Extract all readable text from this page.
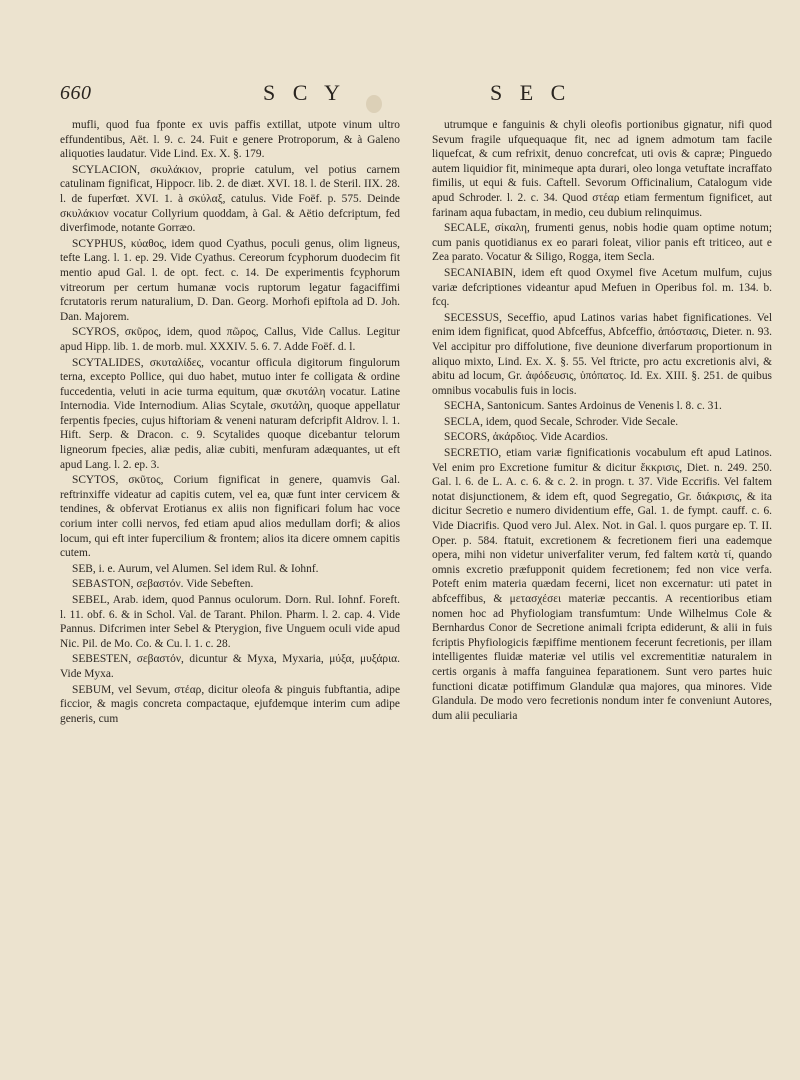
660	S C Y	S E C

mufli, quod fua fponte ex uvis paffis extillat, utpote vinum ultro effundentibus, Aët. l. 9. c. 24. Fuit e genere Protroporum, & à Galeno aliquoties laudatur. Vide Lind. Ex. X. §. 179.

SCYLACION, σκυλάκιον, proprie catulum, vel potius carnem catulinam fignificat, Hippocr. lib. 2. de diæt. XVI. 18. l. de Steril. IIX. 28. l. de fuperfœt. XVI. 1. à σκύλαξ, catulus. Vide Foëf. p. 575. Deinde σκυλάκιον vocatur Collyrium quoddam, à Gal. & Aëtio defcriptum, fed diverfimode, notante Gorræo.

SCYPHUS, κύαθος, idem quod Cyathus, poculi genus, olim ligneus, tefte Lang. l. 1. ep. 29. Vide Cyathus. Cereorum fcyphorum duodecim fit mentio apud Gal. l. de opt. fect. c. 14. De experimentis fcyphorum vitreorum per certum humanæ vocis ruptorum legatur fagaciffimi fcrutatoris rerum naturalium, D. Dan. Georg. Morhofi epiftola ad D. Joh. Dan. Majorem.

SCYROS, σκῦρος, idem, quod πῶρος, Callus, Vide Callus. Legitur apud Hipp. lib. 1. de morb. mul. XXXIV. 5. 6. 7. Adde Foëf. d. l.

SCYTALIDES, σκυταλίδες, vocantur officula digitorum fingulorum terna, excepto Pollice, qui duo habet, mutuo inter fe colligata & ordine fuccedentia, veluti in acie turma equitum, quæ σκυτάλη vocatur. Latine Internodia. Vide Internodium. Alias Scytale, σκυτάλη, quoque appellatur ferpentis fpecies, cujus hiftoriam & veneni naturam defcripfit Aldrov. l. 1. Hift. Serp. & Dracon. c. 9. Scytalides quoque dicebantur telorum ligneorum fpecies, aliæ pedis, aliæ cubiti, menfuram adæquantes, ut eft apud Lang. l. 2. ep. 3.

SCYTOS, σκῦτος, Corium fignificat in genere, quamvis Gal. reftrinxiffe videatur ad capitis cutem, vel ea, quæ funt inter cervicem & tendines, & obfervat Erotianus ex aliis non fignificari folum hac voce corium inter colli nervos, fed etiam apud alios medullam dorfi; & alios locum, qui eft inter fupercilium & frontem; alios ita dicere omnem capitis cutem.

SEB, i. e. Aurum, vel Alumen. Sel idem Rul. & Iohnf.

SEBASTON, σεβαστόν. Vide Sebeften.

SEBEL, Arab. idem, quod Pannus oculorum. Dorn. Rul. Iohnf. Foreft. l. 11. obf. 6. & in Schol. Val. de Tarant. Philon. Pharm. l. 2. cap. 4. Vide Pannus. Difcrimen inter Sebel & Pterygion, five Unguem oculi vide apud Nic. Pil. de Mo. Co. & Cu. l. 1. c. 28.

SEBESTEN, σεβαστόν, dicuntur & Myxa, Myxaria, μύξα, μυξάρια. Vide Myxa.

SEBUM, vel Sevum, στέαρ, dicitur oleofa & pinguis fubftantia, adipe ficcior, & magis concreta compactaque, ejufdemque interim cum adipe generis, cum

utrumque e fanguinis & chyli oleofis portionibus gignatur, nifi quod Sevum fragile ufquequaque fit, nec ad ignem admotum tam facile liquefcat, & cum refrixit, denuo concrefcat, uti ovis & capræ; Pinguedo autem liquidior fit, minimeque apta durari, oleo longa vetuftate incraffato fimilis, ut equi & fuis. Caftell. Sevorum Officinalium, Catalogum vide apud Schroder. l. 2. c. 34. Quod στέαρ etiam fermentum fignificet, aut farinam aqua fubactam, in medio, ceu dubium relinquimus.

SECALE, σίκαλη, frumenti genus, nobis hodie quam optime notum; cum panis quotidianus ex eo parari foleat, vilior panis eft triticeo, aut e Zea parato. Vocatur & Siligo, Rogga, item Secla.

SECANIABIN, idem eft quod Oxymel five Acetum mulfum, cujus variæ defcriptiones videantur apud Mefuen in Operibus fol. m. 134. b. fcq.

SECESSUS, Seceffio, apud Latinos varias habet fignificationes. Vel enim idem fignificat, quod Abfceffus, Abfceffio, ἀπόστασις, Dieter. n. 93. Vel accipitur pro diffolutione, five deunione diverfarum proportionum in aliquo mixto, Lind. Ex. X. §. 55. Vel ftricte, pro actu excretionis alvi, & abitu ad locum, Gr. ἀφόδευσις, ὑπόπατος. Id. Ex. XIII. §. 251. de quibus omnibus vocabulis fuis in locis.

SECHA, Santonicum. Santes Ardoinus de Venenis l. 8. c. 31.

SECLA, idem, quod Secale, Schroder. Vide Secale.

SECORS, ἀκάρδιος. Vide Acardios.

SECRETIO, etiam variæ fignificationis vocabulum eft apud Latinos. Vel enim pro Excretione fumitur & dicitur ἔκκρισις, Diet. n. 249. 250. Gal. l. 6. de L. A. c. 6. & c. 2. in progn. t. 37. Vide Eccrifis. Vel faltem notat disjunctionem, & idem eft, quod Segregatio, Gr. διάκρισις, & ita dicitur Secretio e numero dividentium effe, Gal. 1. de fympt. cauff. c. 6. Vide Diacrifis. Quod vero Jul. Alex. Not. in Gal. l. quos purgare ep. T. II. Oper. p. 584. ftatuit, excretionem & fecretionem fieri una eademque opera, mihi non videtur univerfaliter verum, fed faltem κατὰ τί, quando omnis excretio præfupponit quidem fecretionem; fed non vice verfa. Poteft enim materia quædam fecerni, licet non excernatur: uti patet in abfceffibus, & μετασχέσει materiæ peccantis. A recentioribus etiam nomen hoc ad Phyfiologiam transfumtum: Unde Wilhelmus Cole & Bernhardus Conor de Secretione animali fcripta ediderunt, & alii in fuis fcriptis Phyfiologicis fæpiffime mentionem fecerunt fecretionis, per illam intelligentes fluidæ materiæ vel utilis vel excrementitiæ naturalem in certis organis à maffa fanguinea feparationem. Sunt vero partes huic functioni dicatæ potiffimum Glandulæ qua majores, qua minores. Vide Glandula. De modo vero fecretionis nondum inter fe conveniunt Autores, dum alii peculiaria
